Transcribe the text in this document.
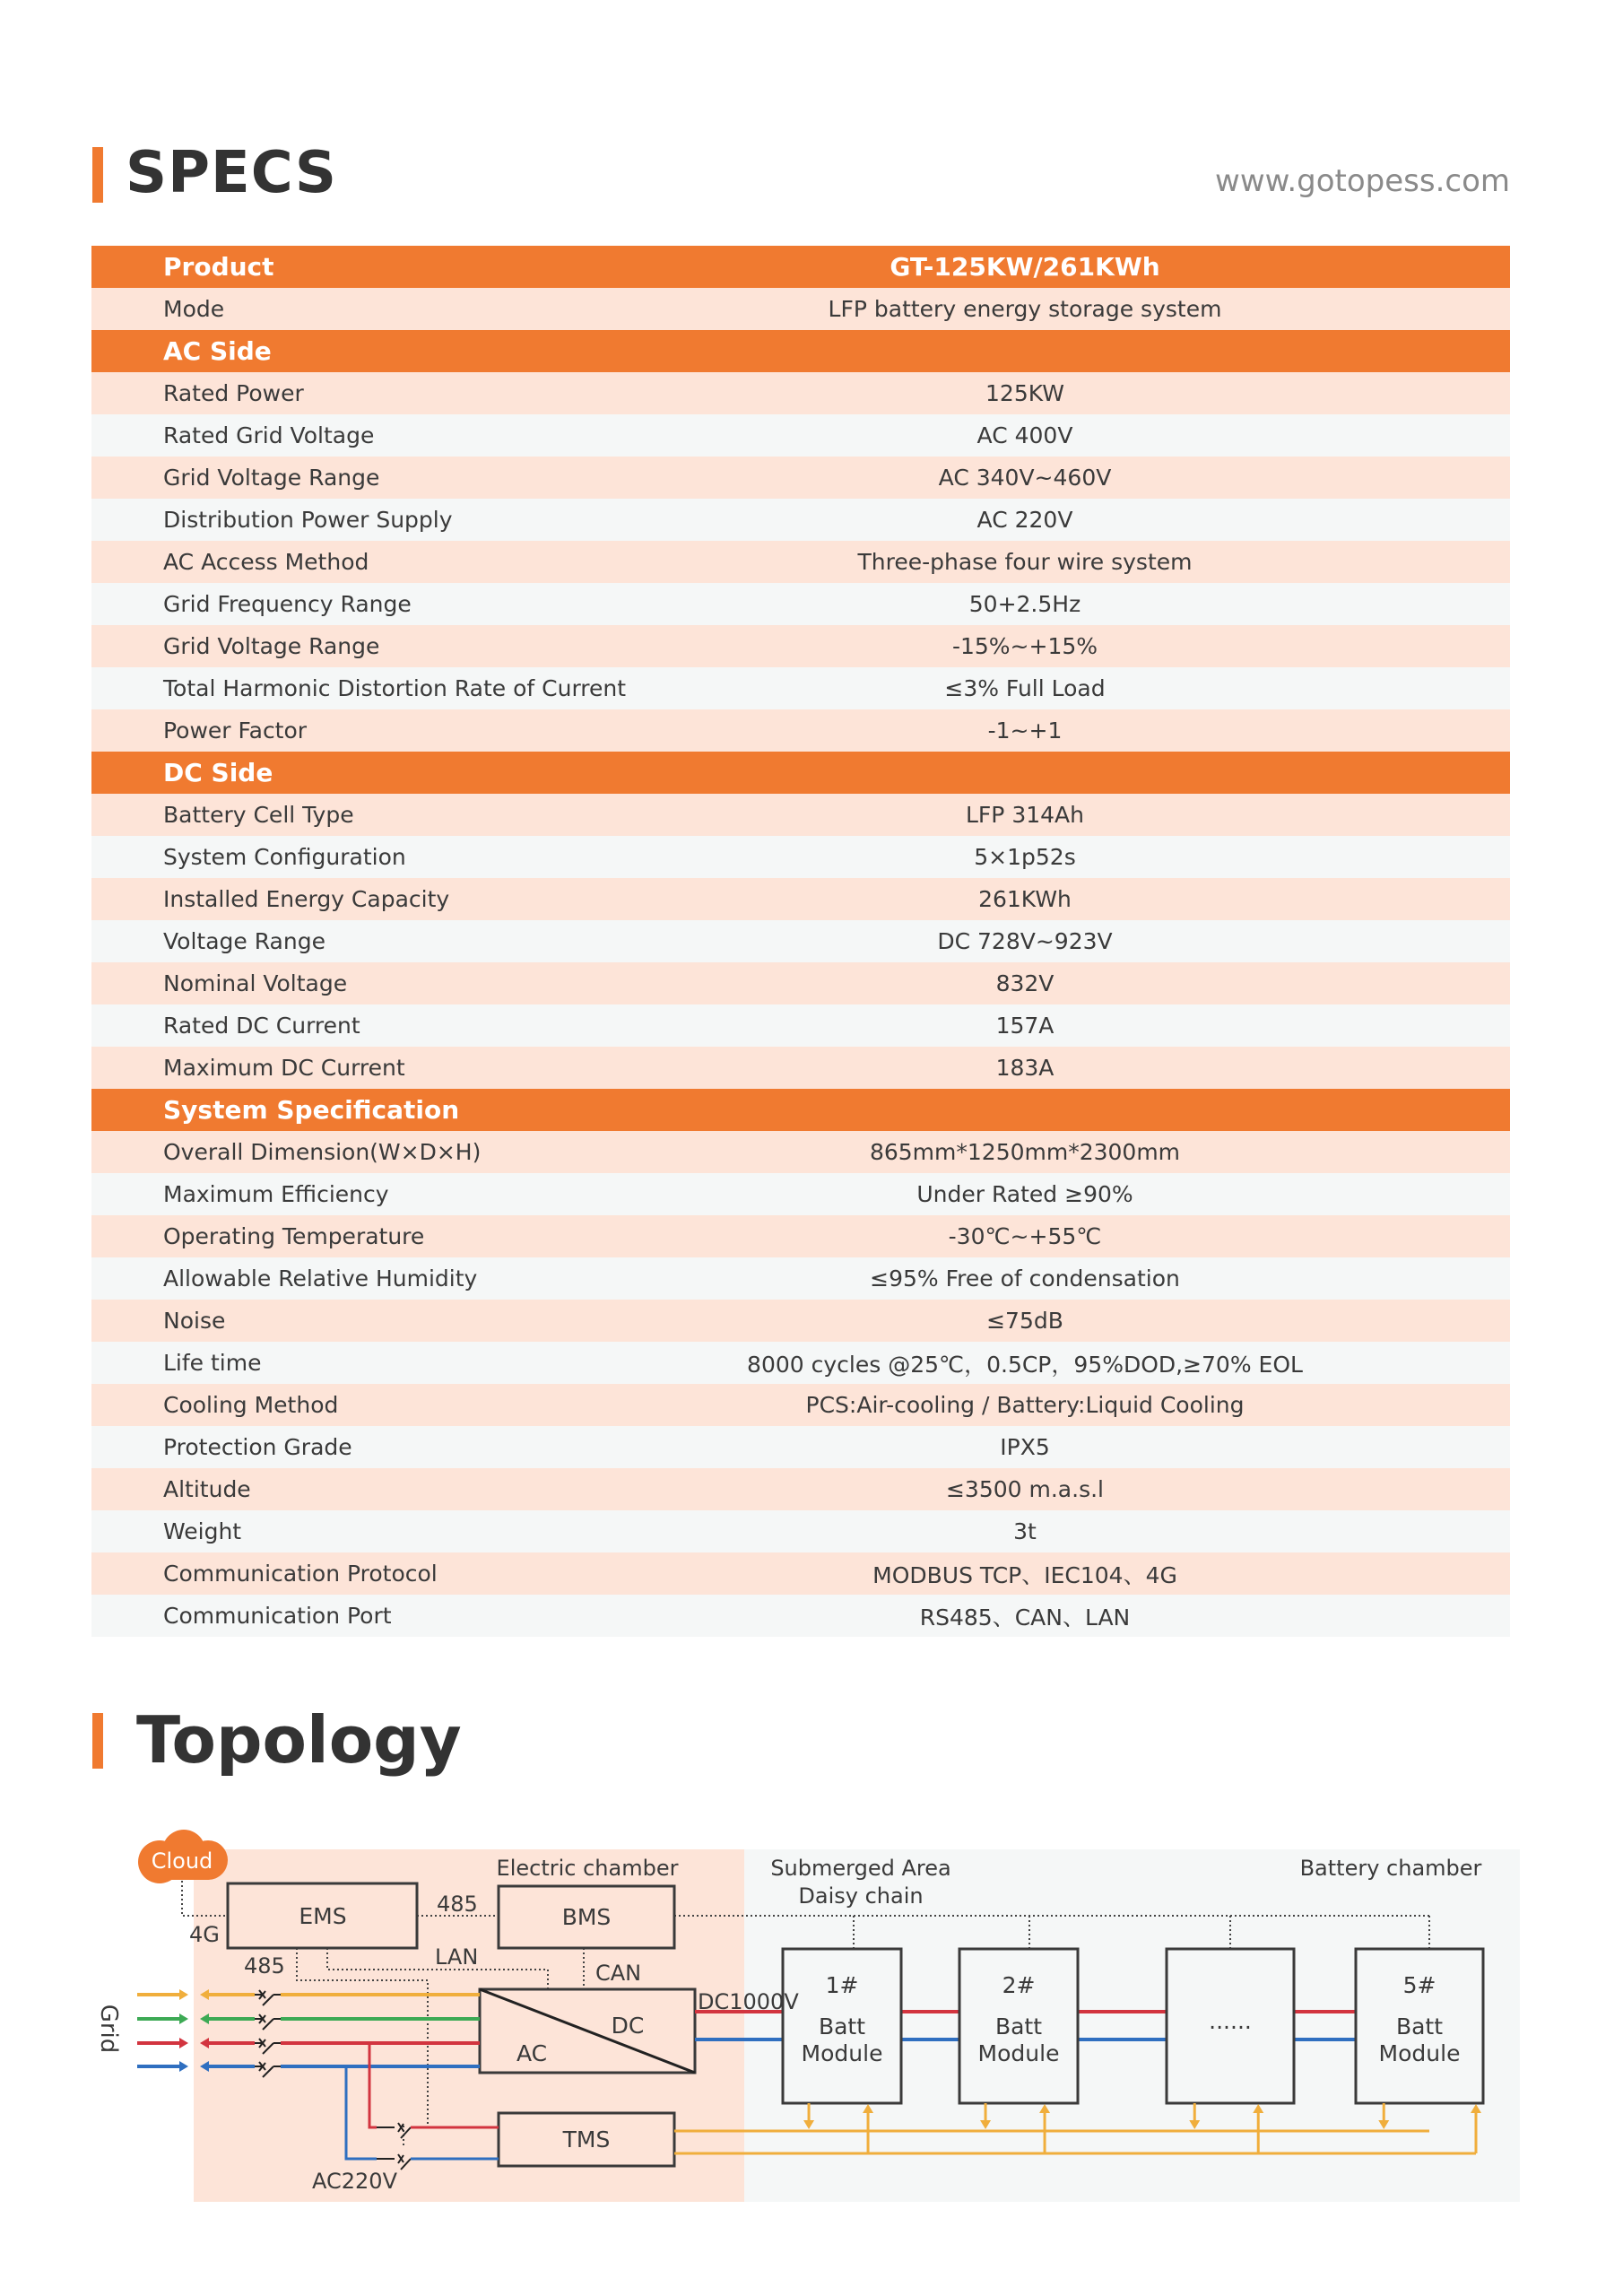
SPECS	www.gotopess.com
Product	GT-125KW/261KWh
Mode	LFP battery energy storage system
AC Side
Rated Power	125KW
Rated Grid Voltage	AC 400V
Grid Voltage Range	AC 340V~460V
Distribution Power Supply	AC 220V
AC Access Method	Three-phase four wire system
Grid Frequency Range	50+2.5Hz
Grid Voltage Range	-15%~+15%
Total Harmonic Distortion Rate of Current	≤3% Full Load
Power Factor	-1~+1
DC Side
Battery Cell Type	LFP 314Ah
System Configuration	5×1p52s
Installed Energy Capacity	261KWh
Voltage Range	DC 728V~923V
Nominal Voltage	832V
Rated DC Current	157A
Maximum DC Current	183A
System Specification
Overall Dimension(W×D×H)	865mm*1250mm*2300mm
Maximum Efficiency	Under Rated ≥90%
Operating Temperature	-30℃~+55℃
Allowable Relative Humidity	≤95% Free of condensation
Noise	≤75dB
Life time	8000 cycles @25℃，0.5CP，95%DOD,≥70% EOL
Cooling Method	PCS:Air-cooling / Battery:Liquid Cooling
Protection Grade	IPX5
Altitude	≤3500 m.a.s.l
Weight	3t
Communication Protocol	MODBUS TCP、IEC104、4G
Communication Port	RS485、CAN、LAN
Topology
Electric chamber	Submerged Area
Daisy chain
Battery chamber
Cloud
4G
485
485	LAN
CAN
DC1000V
AC220V
EMS	BMS
AC
DC
TMS
Grid
1#
Batt
Module
2#
Batt
Module
......
5#
Batt
Module
